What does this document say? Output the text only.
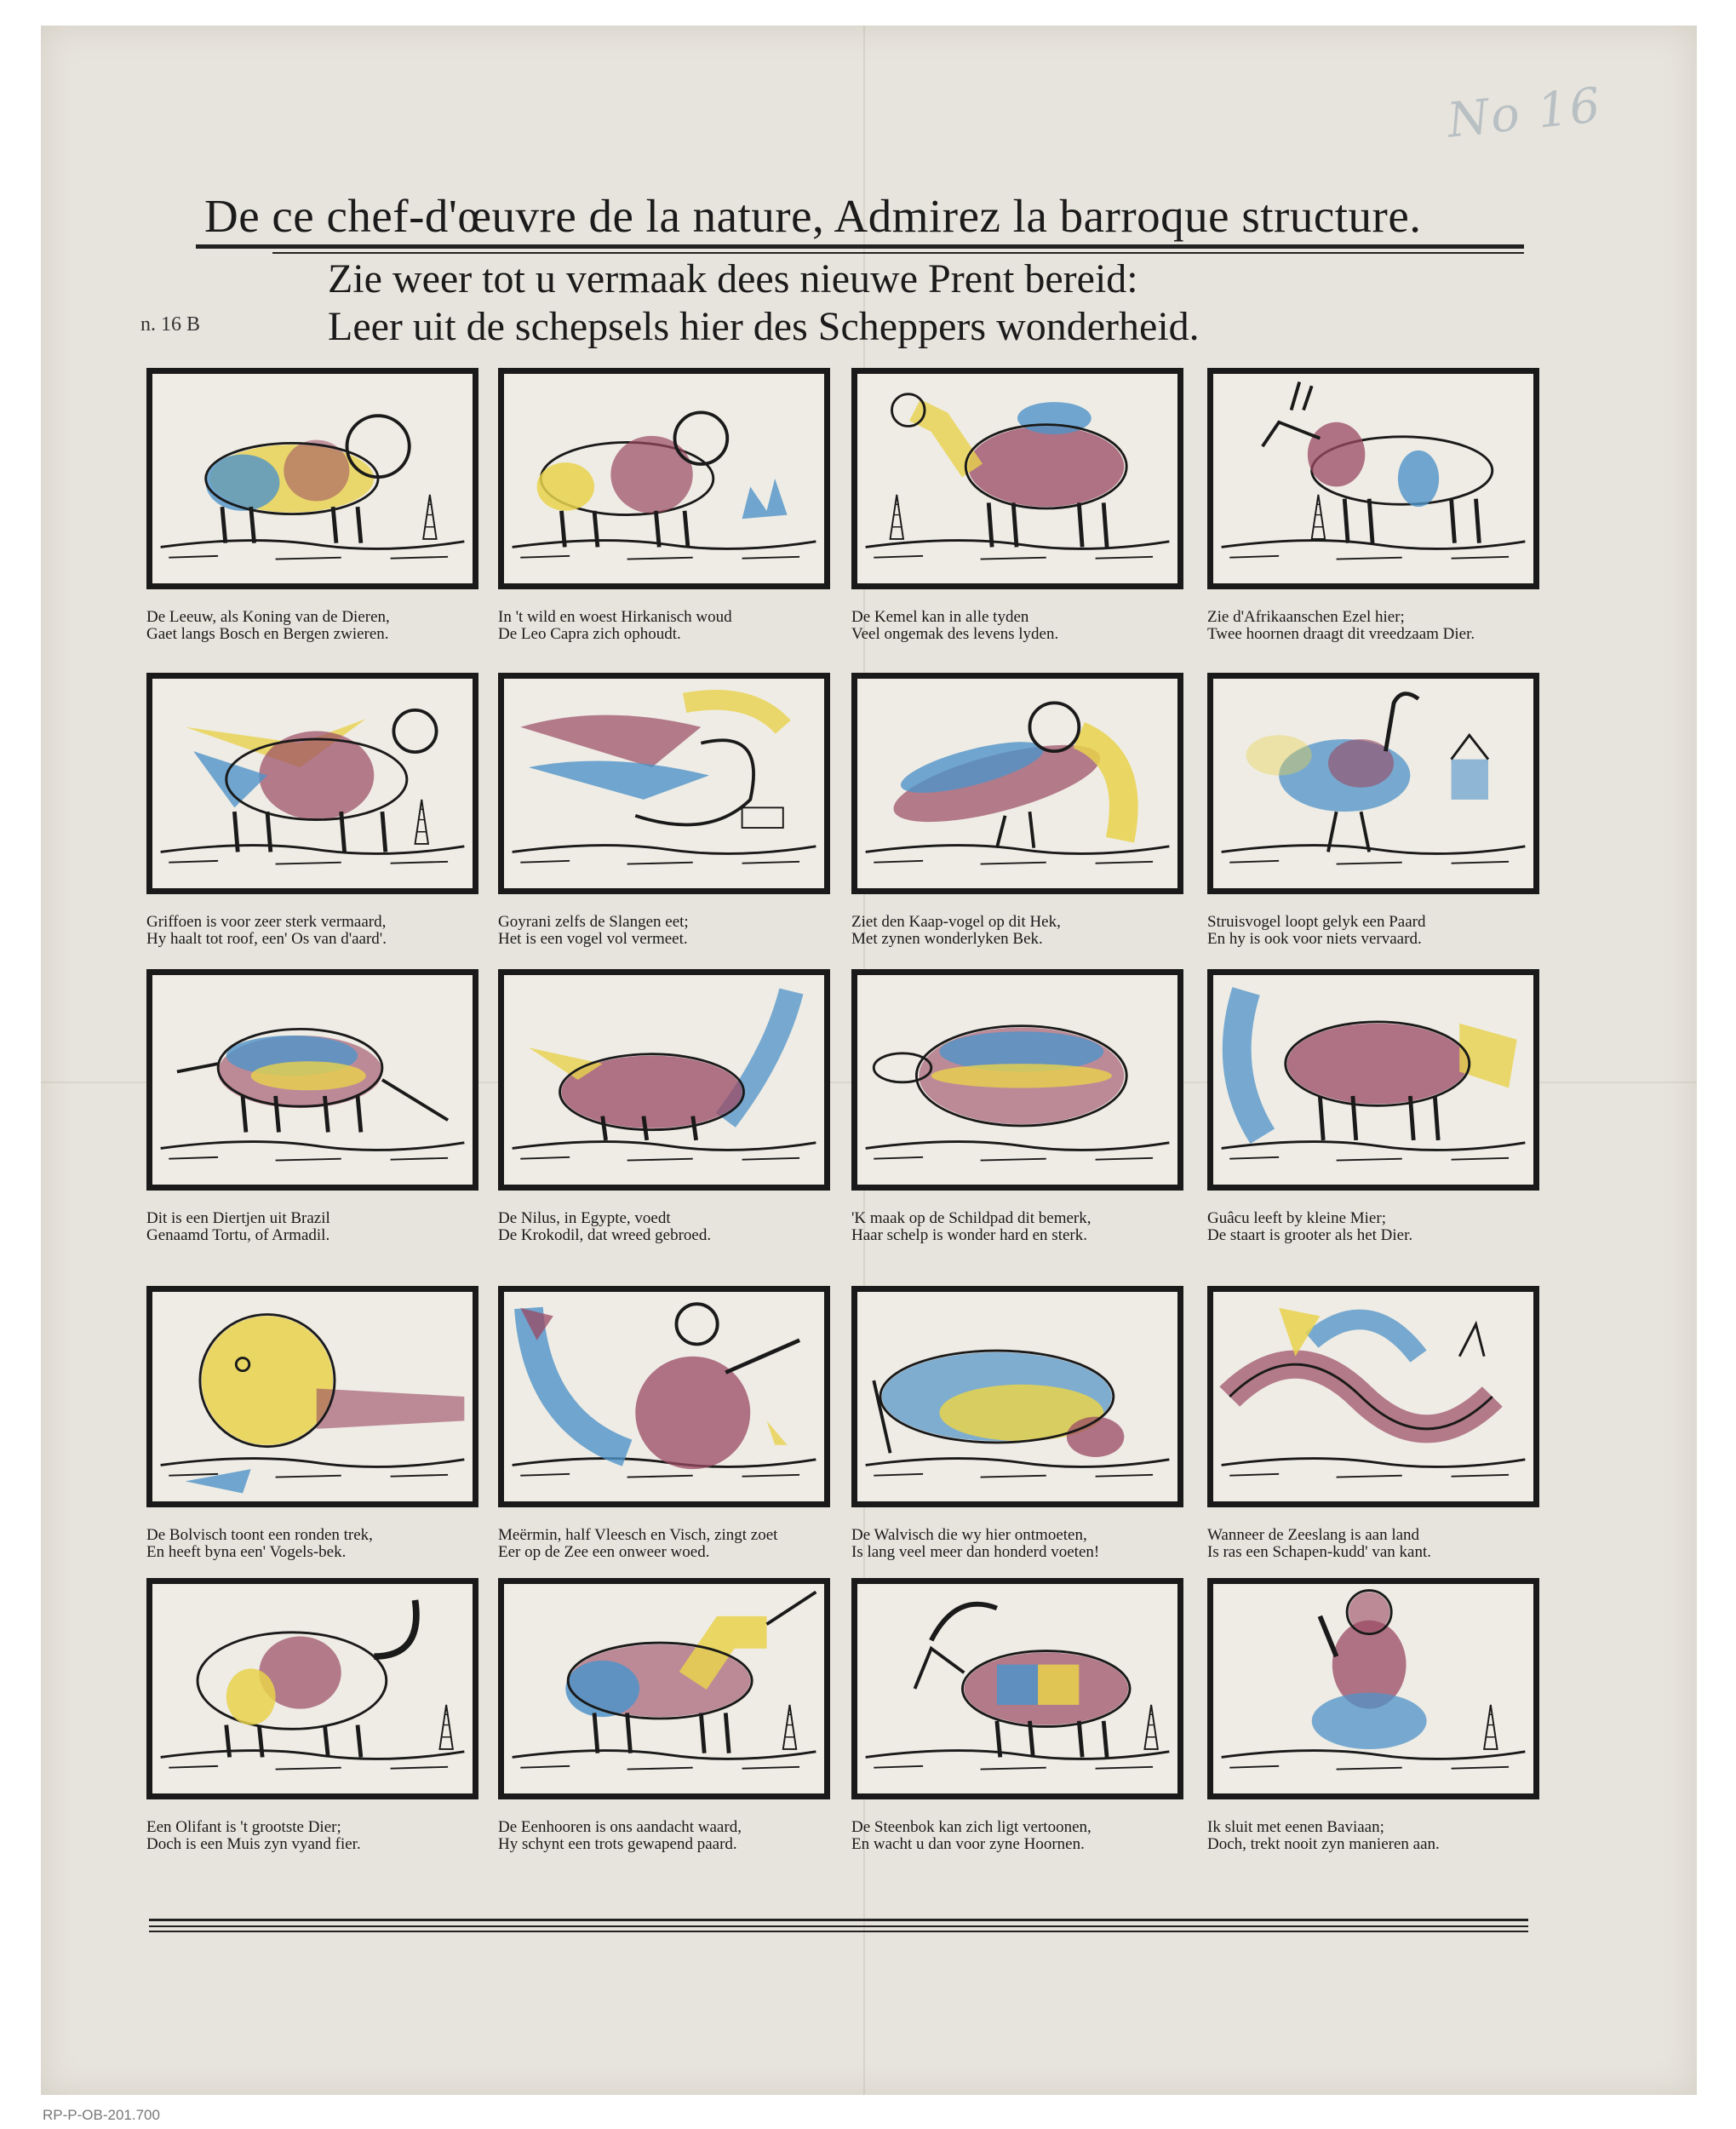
No 16
De ce chef-d'œuvre de la nature, Admirez la barroque structure.
Zie weer tot u vermaak dees nieuwe Prent bereid:
Leer uit de schepsels hier des Scheppers wonderheid.
n. 16 B
De Leeuw, als Koning van de Dieren,
Gaet langs Bosch en Bergen zwieren.
In 't wild en woest Hirkanisch woud
De Leo Capra zich ophoudt.
De Kemel kan in alle tyden
Veel ongemak des levens lyden.
Zie d'Afrikaanschen Ezel hier;
Twee hoornen draagt dit vreedzaam Dier.
Griffoen is voor zeer sterk vermaard,
Hy haalt tot roof, een' Os van d'aard'.
Goyrani zelfs de Slangen eet;
Het is een vogel vol vermeet.
Ziet den Kaap-vogel op dit Hek,
Met zynen wonderlyken Bek.
Struisvogel loopt gelyk een Paard
En hy is ook voor niets vervaard.
Dit is een Diertjen uit Brazil
Genaamd Tortu, of Armadil.
De Nilus, in Egypte, voedt
De Krokodil, dat wreed gebroed.
'K maak op de Schildpad dit bemerk,
Haar schelp is wonder hard en sterk.
Guâcu leeft by kleine Mier;
De staart is grooter als het Dier.
De Bolvisch toont een ronden trek,
En heeft byna een' Vogels-bek.
Meërmin, half Vleesch en Visch, zingt zoet
Eer op de Zee een onweer woed.
De Walvisch die wy hier ontmoeten,
Is lang veel meer dan honderd voeten!
Wanneer de Zeeslang is aan land
Is ras een Schapen-kudd' van kant.
Een Olifant is 't grootste Dier;
Doch is een Muis zyn vyand fier.
De Eenhooren is ons aandacht waard,
Hy schynt een trots gewapend paard.
De Steenbok kan zich ligt vertoonen,
En wacht u dan voor zyne Hoornen.
Ik sluit met eenen Baviaan;
Doch, trekt nooit zyn manieren aan.
RP-P-OB-201.700
